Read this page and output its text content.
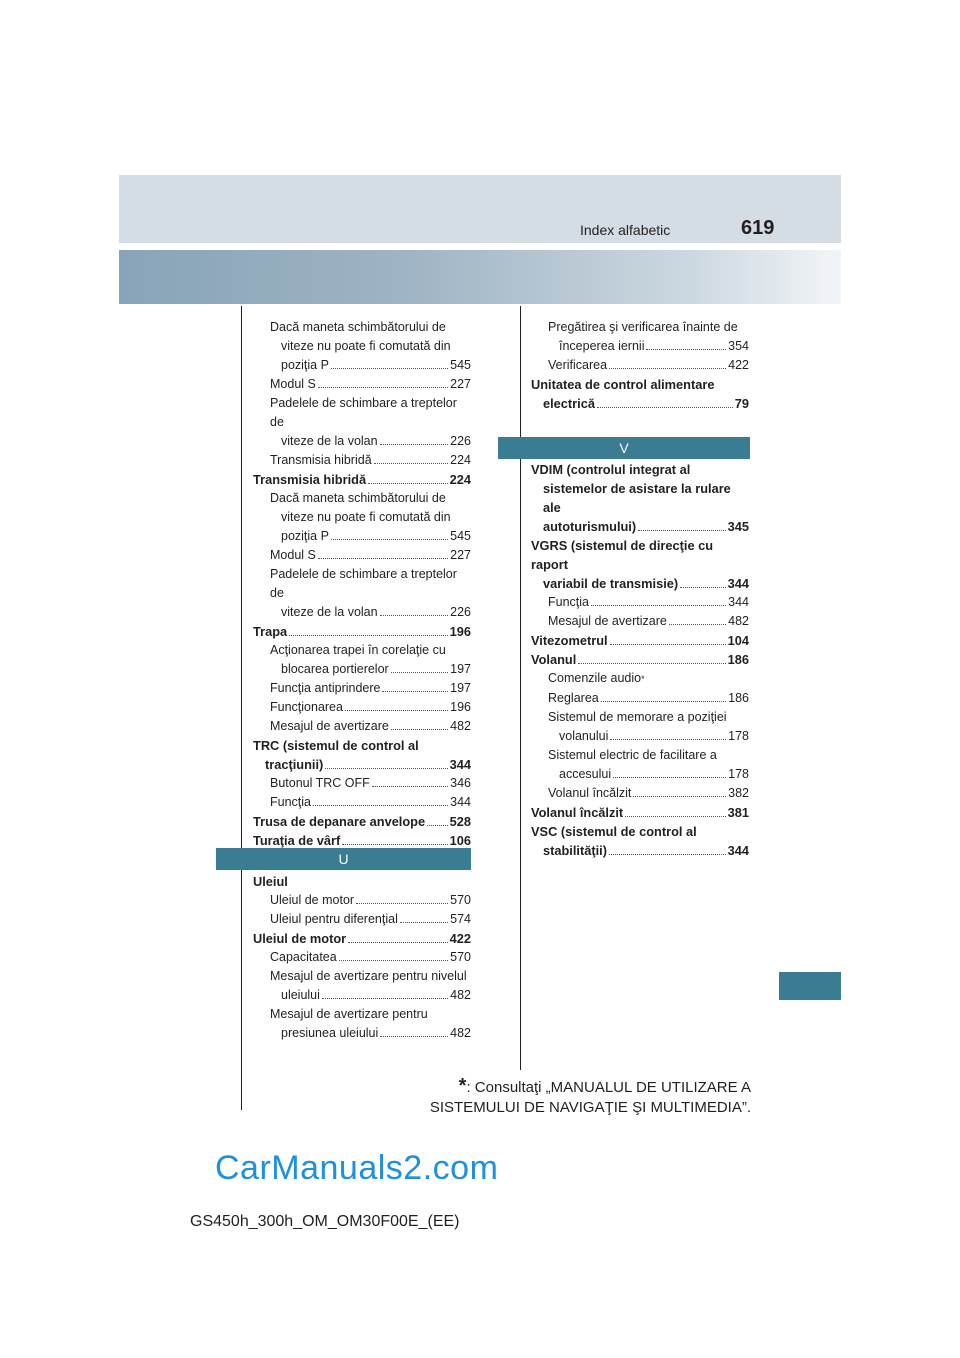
Index alfabetic	619
Dacă maneta schimbătorului de
viteze nu poate fi comutată din
poziţia P	545
Modul S	227
Padelele de schimbare a treptelor de
viteze de la volan	226
Transmisia hibridă	224
Transmisia hibridă	224
Dacă maneta schimbătorului de
viteze nu poate fi comutată din
poziţia P	545
Modul S	227
Padelele de schimbare a treptelor de
viteze de la volan	226
Trapa	196
Acţionarea trapei în corelaţie cu
blocarea portierelor	197
Funcţia antiprindere	197
Funcţionarea	196
Mesajul de avertizare	482
TRC (sistemul de control al
tracţiunii)	344
Butonul TRC OFF	346
Funcţia	344
Trusa de depanare anvelope 528
Turaţia de vârf	106
U
Uleiul
Uleiul de motor	570
Uleiul pentru diferenţial	574
Uleiul de motor	422
Capacitatea	570
Mesajul de avertizare pentru nivelul
uleiului	482
Mesajul de avertizare pentru
presiunea uleiului	482
Pregătirea şi verificarea înainte de
începerea iernii	354
Verificarea	422
Unitatea de control alimentare
electrică	79
V
VDIM (controlul integrat al
sistemelor de asistare la rulare ale
autoturismului)	345
VGRS (sistemul de direcţie cu raport
variabil de transmisie)	344
Funcţia	344
Mesajul de avertizare	482
Vitezometrul	104
Volanul	186
Comenzile audio *
Reglarea	186
Sistemul de memorare a poziţiei
volanului	178
Sistemul electric de facilitare a
accesului	178
Volanul încălzit	382
Volanul încălzit	381
VSC (sistemul de control al
stabilităţii)	344
*: Consultaţi „MANUALUL DE UTILIZARE A
SISTEMULUI DE NAVIGAŢIE ŞI MULTIMEDIA”.
CarManuals2.com
GS450h_300h_OM_OM30F00E_(EE)
